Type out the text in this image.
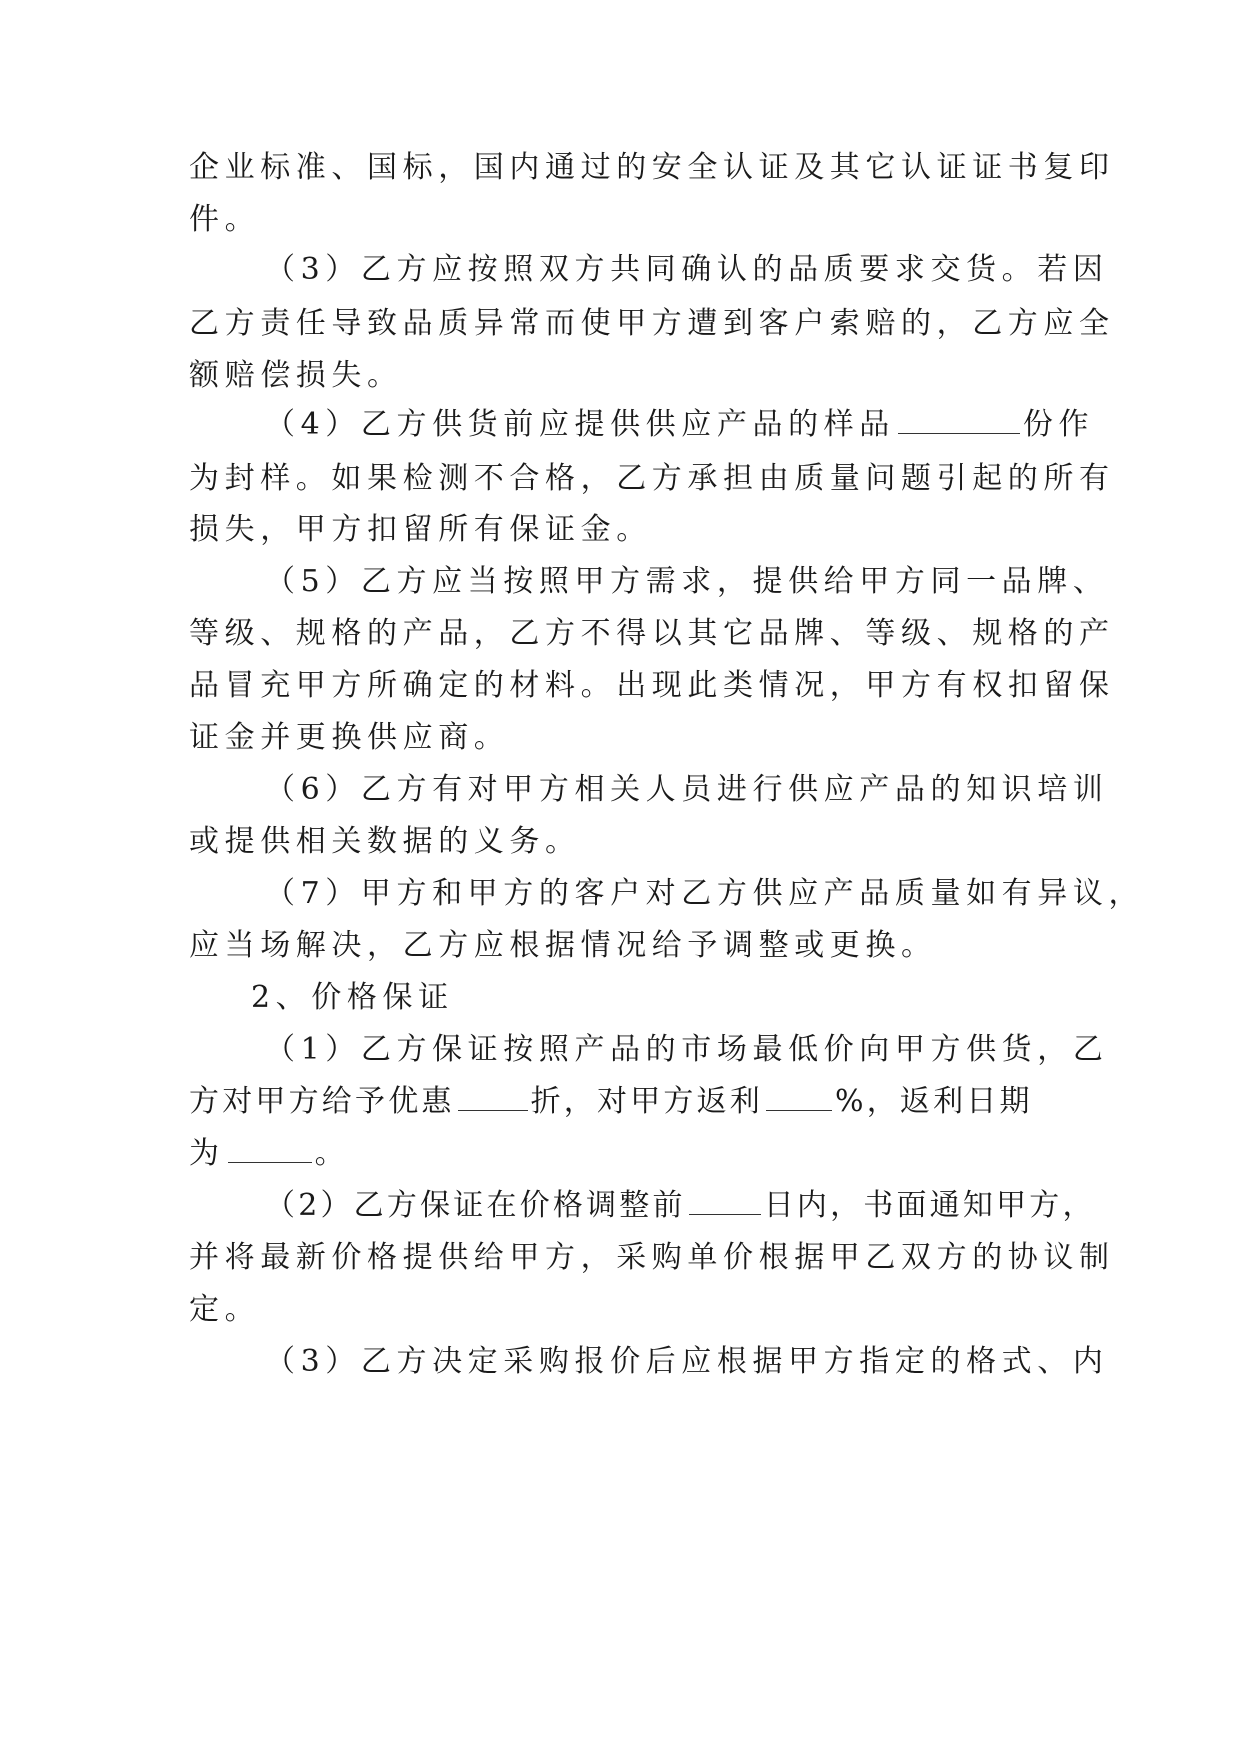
企业标准、国标，国内通过的安全认证及其它认证证书复印
件。
（3）乙方应按照双方共同确认的品质要求交货。若因
乙方责任导致品质异常而使甲方遭到客户索赔的，乙方应全
额赔偿损失。
（4）乙方供货前应提供供应产品的样品	份作
为封样。如果检测不合格，乙方承担由质量问题引起的所有
损失，甲方扣留所有保证金。
（5）乙方应当按照甲方需求，提供给甲方同一品牌、
等级、规格的产品，乙方不得以其它品牌、等级、规格的产
品冒充甲方所确定的材料。出现此类情况，甲方有权扣留保
证金并更换供应商。
（6）乙方有对甲方相关人员进行供应产品的知识培训
或提供相关数据的义务。
（7）甲方和甲方的客户对乙方供应产品质量如有异议，
应当场解决，乙方应根据情况给予调整或更换。
2、价格保证
（1）乙方保证按照产品的市场最低价向甲方供货，乙
方对甲方给予优惠	折，对甲方返利 %，返利日期
为	。
（2）乙方保证在价格调整前	日内，书面通知甲方，
并将最新价格提供给甲方，采购单价根据甲乙双方的协议制
定。
（3）乙方决定采购报价后应根据甲方指定的格式、内
